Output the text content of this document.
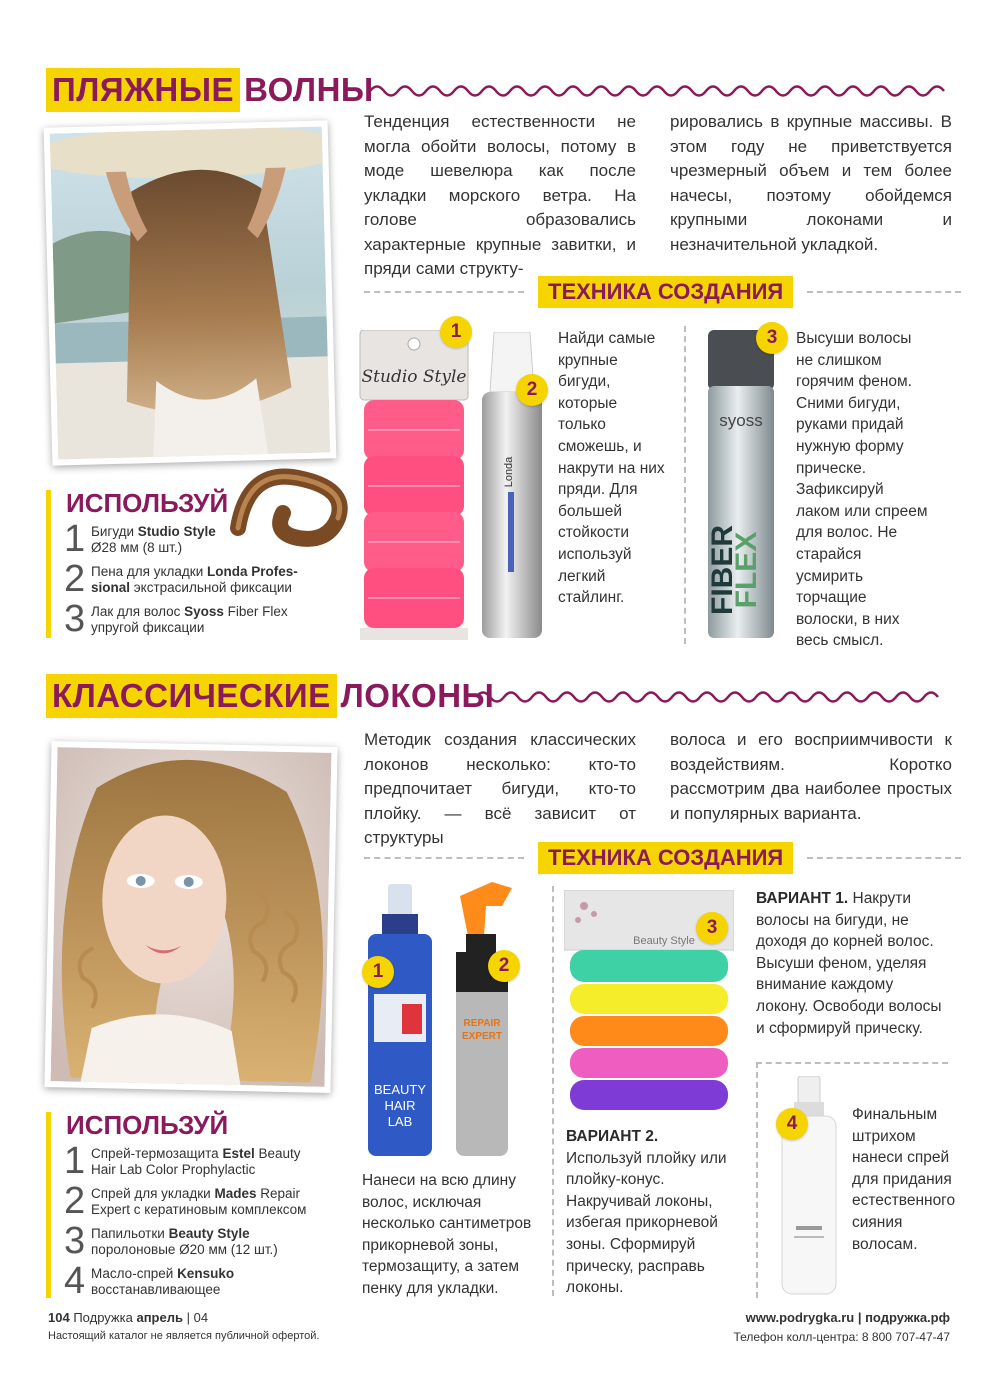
ПЛЯЖНЫЕ ВОЛНЫ
Тенденция естественности не могла обойти волосы, потому в моде шевелюра как после укладки морского ветра. На голове образовались характерные крупные завитки, и пряди сами структу-
рировались в крупные массивы. В этом году не приветствуется чрезмерный объем и тем более начесы, поэтому обойдемся крупными локонами и незначительной укладкой.
ИСПОЛЬЗУЙ
1 Бигуди Studio Style
Ø28 мм (8 шт.)
2 Пена для укладки Londa Profes-
sional экстрасильной фиксации
3 Лак для волос Syoss Fiber Flex
упругой фиксации
ТЕХНИКА СОЗДАНИЯ
Studio Style
1
Londa
2
Найди самые крупные бигуди, которые только сможешь, и накрути на них пряди. Для большей стойкости используй легкий стайлинг.
syoss
FIBER
FLEX
3	Высуши волосы не слишком горячим феном. Сними бигуди, руками придай нужную форму прическе. Зафиксируй лаком или спреем для волос. Не старайся усмирить торчащие волоски, в них весь смысл.
КЛАССИЧЕСКИЕ ЛОКОНЫ
Методик создания классических локонов несколько: кто-то предпочитает бигуди, кто-то плойку. — всё зависит от структуры
волоса и его восприимчивости к воздействиям. Коротко рассмотрим два наиболее простых и популярных варианта.
ИСПОЛЬЗУЙ
1 Спрей-термозащита Estel Beauty
Hair Lab Color Prophylactic
2 Спрей для укладки Mades Repair
Expert с кератиновым комплексом
3 Папильотки Beauty Style
поролоновые Ø20 мм (12 шт.)
4 Масло-спрей Kensuko
восстанавливающее
ТЕХНИКА СОЗДАНИЯ
BEAUTY
HAIR
LAB
1
REPAIR
EXPERT
2
Нанеси на всю длину волос, исключая несколько сантиметров прикорневой зоны, термозащиту, а затем пенку для укладки.
Beauty Style
3
ВАРИАНТ 1. Накрути волосы на бигуди, не доходя до корней волос. Высуши феном, уделяя внимание каждому локону. Освободи волосы и сформируй прическу.
ВАРИАНТ 2.
Используй плойку или плойку-конус. Накручивай локоны, избегая прикорневой зоны. Сформируй прическу, расправь локоны.
4	Финальным штрихом нанеси спрей для придания естественного сияния волосам.
104 Подружка апрель | 04
Настоящий каталог не является публичной офертой.
www.podrygka.ru | подружка.рф
Телефон колл-центра: 8 800 707-47-47
